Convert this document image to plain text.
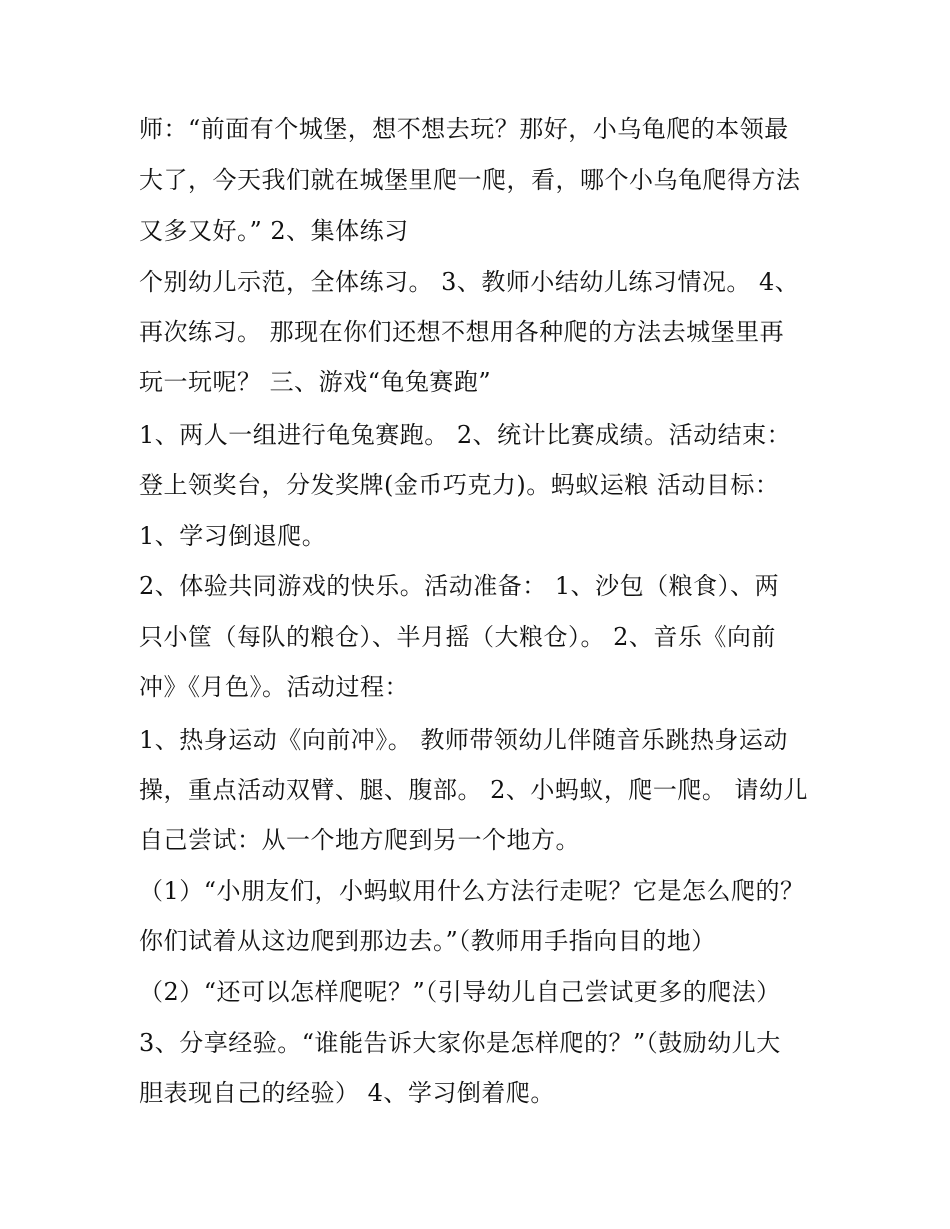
师：“前面有个城堡，想不想去玩？那好，小乌龟爬的本领最
大了，今天我们就在城堡里爬一爬，看，哪个小乌龟爬得方法
又多又好。” 2、集体练习
个别幼儿示范，全体练习。 3、教师小结幼儿练习情况。 4、
再次练习。 那现在你们还想不想用各种爬的方法去城堡里再
玩一玩呢？ 三、游戏“龟兔赛跑”
1、两人一组进行龟兔赛跑。 2、统计比赛成绩。活动结束：
登上领奖台，分发奖牌(金币巧克力)。蚂蚁运粮 活动目标：
1、学习倒退爬。
2、体验共同游戏的快乐。活动准备： 1、沙包（粮食）、两
只小筐（每队的粮仓）、半月摇（大粮仓）。 2、音乐《向前
冲》《月色》。活动过程：
1、热身运动《向前冲》。 教师带领幼儿伴随音乐跳热身运动
操，重点活动双臂、腿、腹部。 2、小蚂蚁，爬一爬。 请幼儿
自己尝试：从一个地方爬到另一个地方。
（1）“小朋友们，小蚂蚁用什么方法行走呢？它是怎么爬的？
你们试着从这边爬到那边去。”（教师用手指向目的地）
（2）“还可以怎样爬呢？”（引导幼儿自己尝试更多的爬法）
3、分享经验。“谁能告诉大家你是怎样爬的？”（鼓励幼儿大
胆表现自己的经验） 4、学习倒着爬。
